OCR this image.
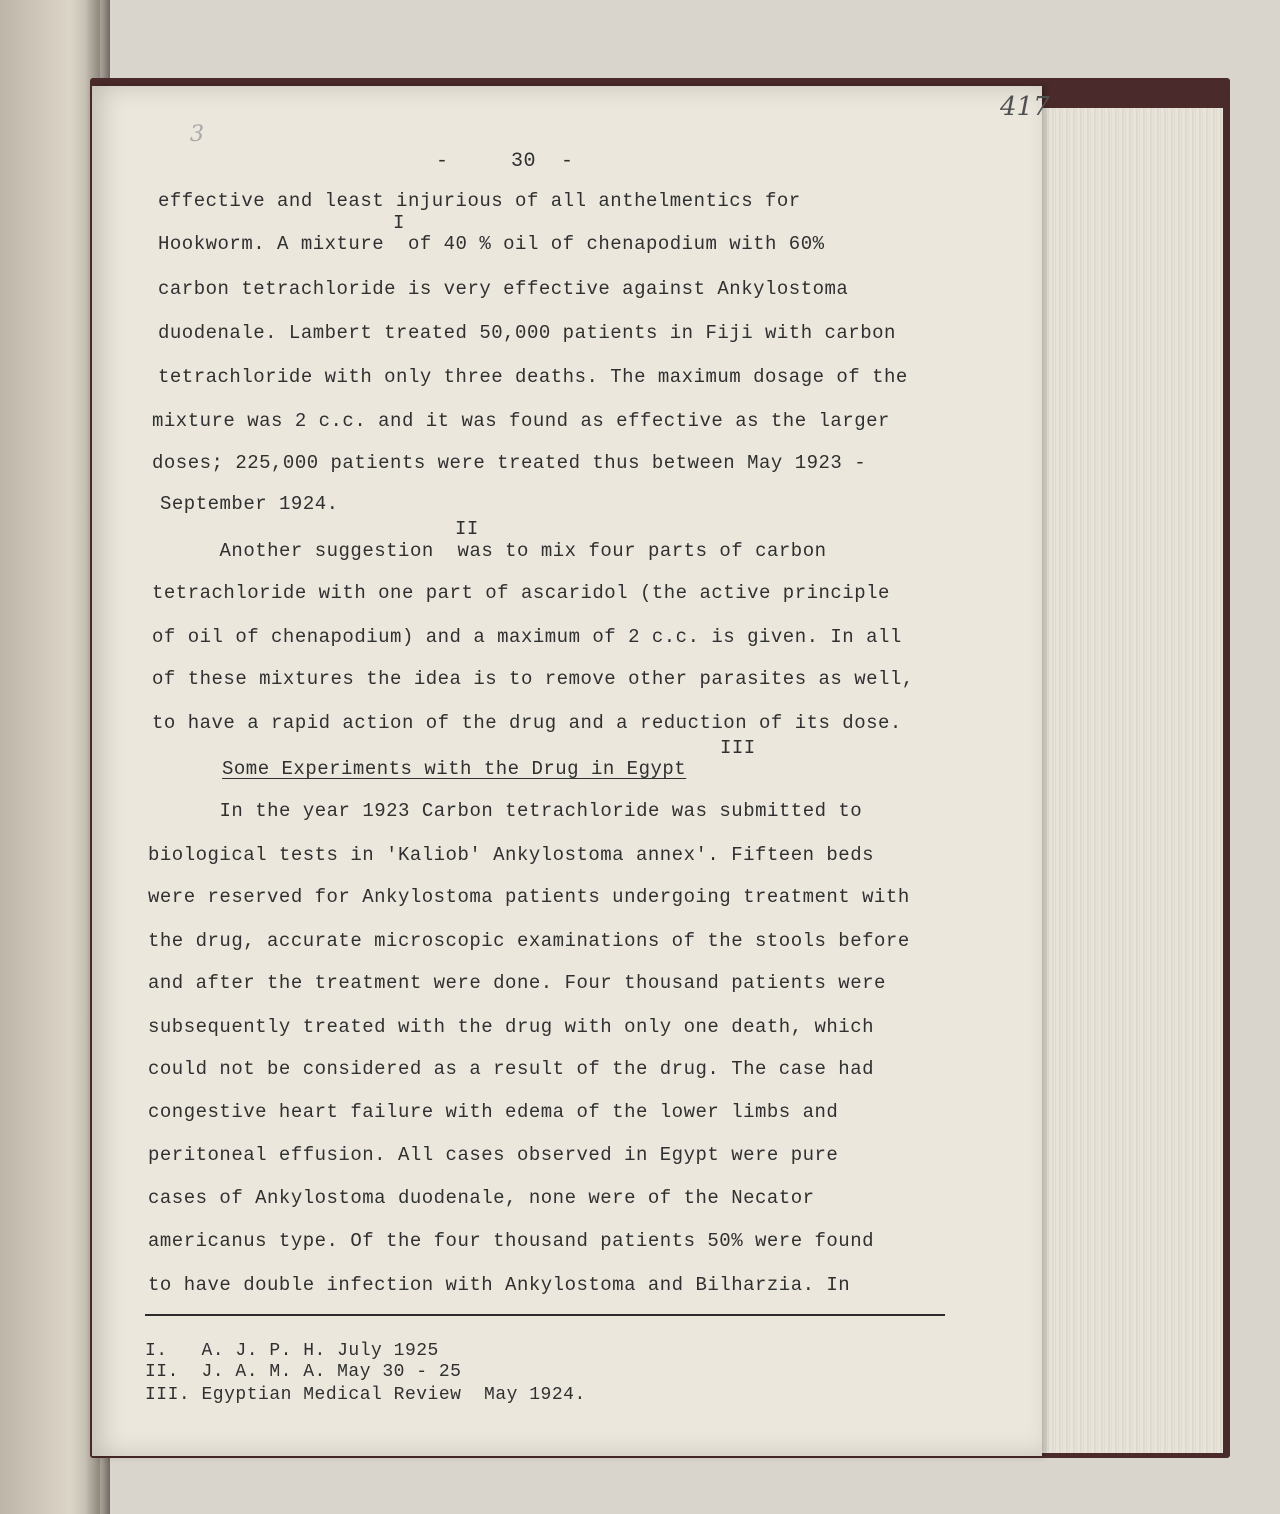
417
3
-     30  -
effective and least injurious of all anthelmentics for
I
Hookworm. A mixture  of 40 % oil of chenapodium with 60%
carbon tetrachloride is very effective against Ankylostoma
duodenale. Lambert treated 50,000 patients in Fiji with carbon
tetrachloride with only three deaths. The maximum dosage of the
mixture was 2 c.c. and it was found as effective as the larger
doses; 225,000 patients were treated thus between May 1923 -
September 1924.
II
Another suggestion  was to mix four parts of carbon
tetrachloride with one part of ascaridol (the active principle
of oil of chenapodium) and a maximum of 2 c.c. is given. In all
of these mixtures the idea is to remove other parasites as well,
to have a rapid action of the drug and a reduction of its dose.
III
Some Experiments with the Drug in Egypt
In the year 1923 Carbon tetrachloride was submitted to
biological tests in 'Kaliob' Ankylostoma annex'. Fifteen beds
were reserved for Ankylostoma patients undergoing treatment with
the drug, accurate microscopic examinations of the stools before
and after the treatment were done. Four thousand patients were
subsequently treated with the drug with only one death, which
could not be considered as a result of the drug. The case had
congestive heart failure with edema of the lower limbs and
peritoneal effusion. All cases observed in Egypt were pure
cases of Ankylostoma duodenale, none were of the Necator
americanus type. Of the four thousand patients 50% were found
to have double infection with Ankylostoma and Bilharzia. In
I.   A. J. P. H. July 1925
II.  J. A. M. A. May 30 - 25
III. Egyptian Medical Review  May 1924.
